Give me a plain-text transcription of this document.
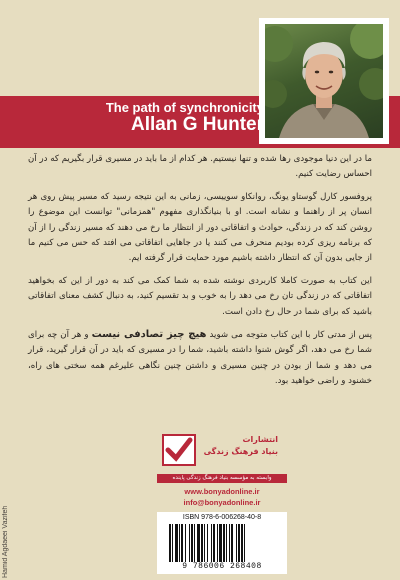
The path of synchronicity
Allan G Hunter

ما در این دنیا موجودی رها شده و تنها نیستیم. هر کدام از ما باید در مسیری قرار بگیریم که در آن احساس رضایت کنیم.

پروفسور کارل گوستاو یونگ، روانکاو سوییسی، زمانی به این نتیجه رسید که مسیر پیش روی هر انسان پر از راهنما و نشانه است. او با بنیانگذاری مفهوم "همزمانی" توانست این موضوع را روشن کند که در زندگی، حوادث و اتفاقاتی دور از انتظار ما رخ می دهند که مسیر زندگی را از آن که برنامه ریزی کرده بودیم منحرف می کنند یا در جاهایی اتفاقاتی می افتد که حس می کنیم ما از جایی بدون آن که انتظار داشته باشیم مورد حمایت قرار گرفته ایم.

این کتاب به صورت کاملا کاربردی نوشته شده به شما کمک می کند به دور از این که بخواهید اتفاقاتی که در زندگی تان رخ می دهد را به خوب و بد تقسیم کنید، به دنبال کشف معنای اتفاقاتی باشید که برای شما در حال رخ دادن است.

پس از مدتی کار با این کتاب متوجه می شوید هیچ چیز تصادفی نیست و هر آن چه برای شما رخ می دهد، اگر گوش شنوا داشته باشید، شما را در مسیری که باید در آن قرار گیرید، قرار می دهد و شما از بودن در چنین مسیری و داشتن چنین نگاهی علیرغم همه سختی های راه، خشنود و راضی خواهید بود.

Hamid Agdaeei Vazifeh
انتشارات
بنیاد فرهنگ زندگی
وابسته به مؤسسه بنیاد فرهنگ زندگی پاینده
www.bonyadonline.ir
info@bonyadonline.ir
ISBN 978-6-006268-40-8
9 786006 268408
